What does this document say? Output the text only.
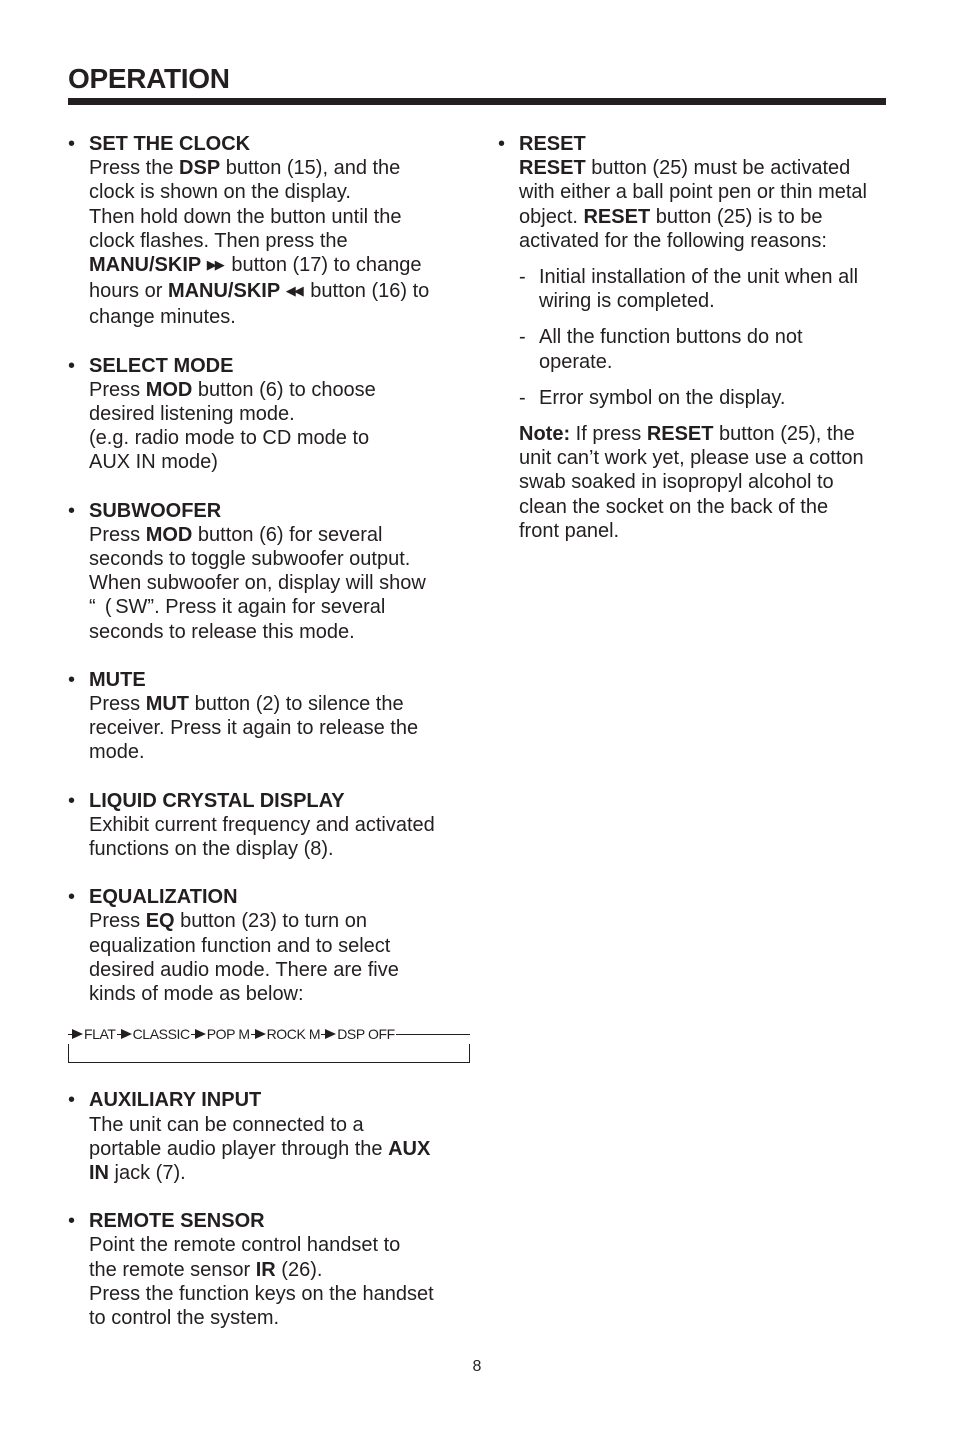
OPERATION
• SET THE CLOCK
Press the DSP button (15), and the
clock is shown on the display.
Then hold down the button until the
clock flashes. Then press the
MANU/SKIP ▶▶ button (17) to change
hours or MANU/SKIP ◀◀ button (16) to
change minutes.
• SELECT MODE
Press MOD button (6) to choose
desired listening mode.
(e.g. radio mode to CD mode to
AUX IN mode)
• SUBWOOFER
Press MOD button (6) for several
seconds to toggle subwoofer output.
When subwoofer on, display will show
“ ( SW”. Press it again for several
seconds to release this mode.
• MUTE
Press MUT button (2) to silence the
receiver. Press it again to release the
mode.
• LIQUID CRYSTAL DISPLAY
Exhibit current frequency and activated
functions on the display (8).
• EQUALIZATION
Press EQ button (23) to turn on
equalization function and to select
desired audio mode. There are five
kinds of mode as below:
FLAT CLASSIC POP M ROCK M DSP OFF
• AUXILIARY INPUT
The unit can be connected to a
portable audio player through the AUX
IN jack (7).
• REMOTE SENSOR
Point the remote control handset to
the remote sensor IR (26).
Press the function keys on the handset
to control the system.
• RESET
RESET button (25) must be activated
with either a ball point pen or thin metal
object. RESET button (25) is to be
activated for the following reasons:
- Initial installation of the unit when all
wiring is completed.
- All the function buttons do not
operate.
- Error symbol on the display.
Note: If press RESET button (25), the
unit can’t work yet, please use a cotton
swab soaked in isopropyl alcohol to
clean the socket on the back of the
front panel.
8
